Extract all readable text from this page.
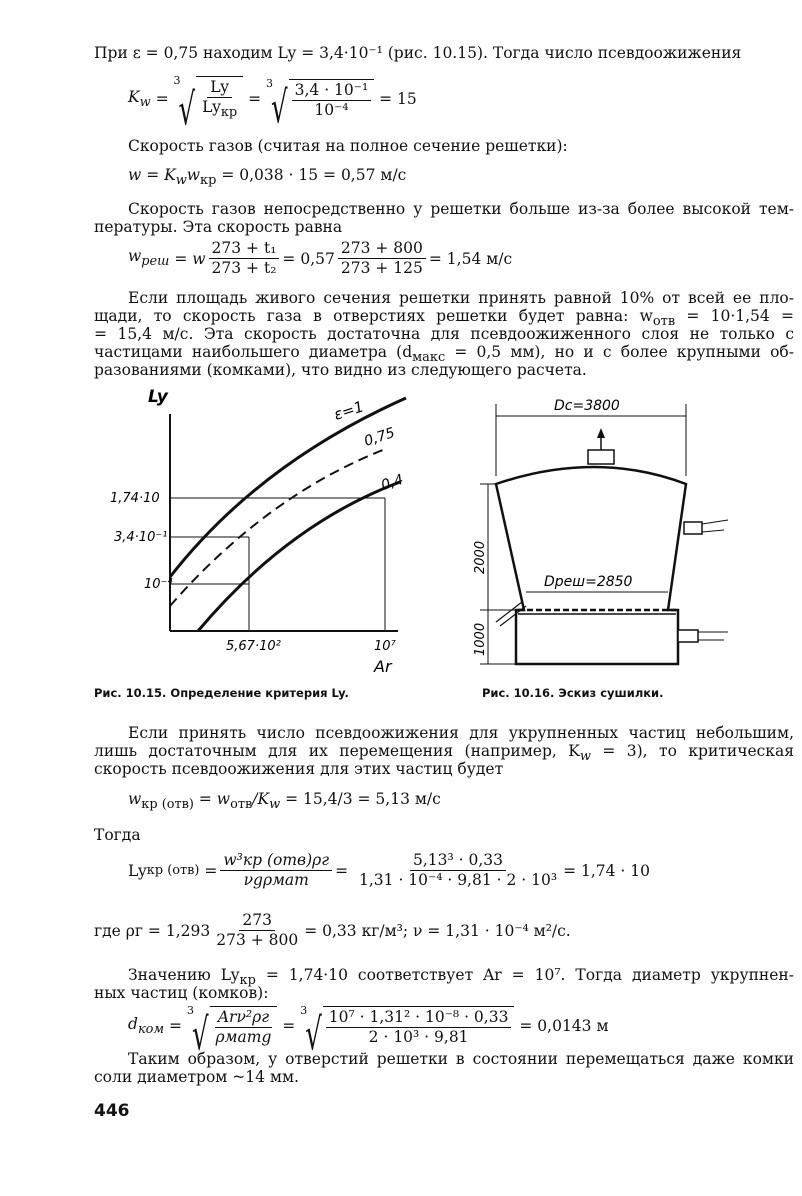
При ε = 0,75 находим Ly = 3,4·10⁻¹ (рис. 10.15). Тогда число псевдоожижения
$K_w$ =
3
√ $\frac{Ly}{Ly_{кр}}$ =
3
√ $\frac{\text{3,4 · 10⁻¹}}{\text{10⁻⁴}}$
= 15
Скорость газов (считая на полное сечение решетки):
$w = K_ww_{кр} = 0,038 \cdot 15 = 0,57$ м/с
Скорость газов непосредственно у решетки больше из-за более высокой тем-
пературы. Эта скорость равна
$w_{реш}$
= w $\frac{\text{273 + t₁}}{\text{273 + t₂}} = 0,57 \frac{273 + 800}{273 + 125} = 1,54$ м/с
Если площадь живого сечения решетки принять равной 10% от всей ее пло-
щади, то скорость газа в отверстиях решетки будет равна: $w_{отв} = 10\cdot 1,54$ =
= 15,4 м/с. Эта скорость достаточна для псевдоожиженного слоя не только с
частицами наибольшего диаметра ($d_{макс} = 0,5$ мм), но и с более крупными об-
разованиями (комками), что видно из следующего расчета.
Ly
ε=1
0,75
0,4
1,74·10
3,4·10⁻¹
10⁻⁴
5,67·10²	10⁷
Ar
Рис. 10.15. Определение критерия Ly.
Dc=3800
Dреш=2850
2000
1000
Рис. 10.16. Эскиз сушилки.
Если принять число псевдоожижения для укрупненных частиц небольшим,
лишь достаточным для их перемещения (например, $K_w = 3$), то критическая
скорость псевдоожижения для этих частиц будет
$w_{кр (отв)} = w_{отв}/K_w = 15,4/3 = 5,13$ м/с
Тогда
Ly кр $(отв) = \frac{\text{w³кр (отв)ρг}}{\text{νgρмат}} = \frac{\text{5,13³ · 0,33}}{\text{1,31 · 10⁻⁴ · 9,81 · 2 · 10³}} = 1,74 \cdot 10$
где $\rho г = 1,293 \frac{273}{273 + 800} = 0,33$ кг/м³; ν = 1,31 · 10⁻⁴ м²/с.
Значению $Ly_{кр} = 1,74\cdot 10$ соответствует Ar = 10⁷. Тогда диаметр укрупнен-
ных частиц (комков):
$d_{ком}$ =
3
√ $\frac{\text{Arν²ρг}}{\text{ρматg}}$ =
3
√ $\frac{\text{10⁷ · 1,31² · 10⁻⁸ · 0,33}}{\text{2 · 10³ · 9,81}}$
= 0,0143 м
Таким образом, у отверстий решетки в состоянии перемещаться даже комки
соли диаметром ~14 мм.
446
